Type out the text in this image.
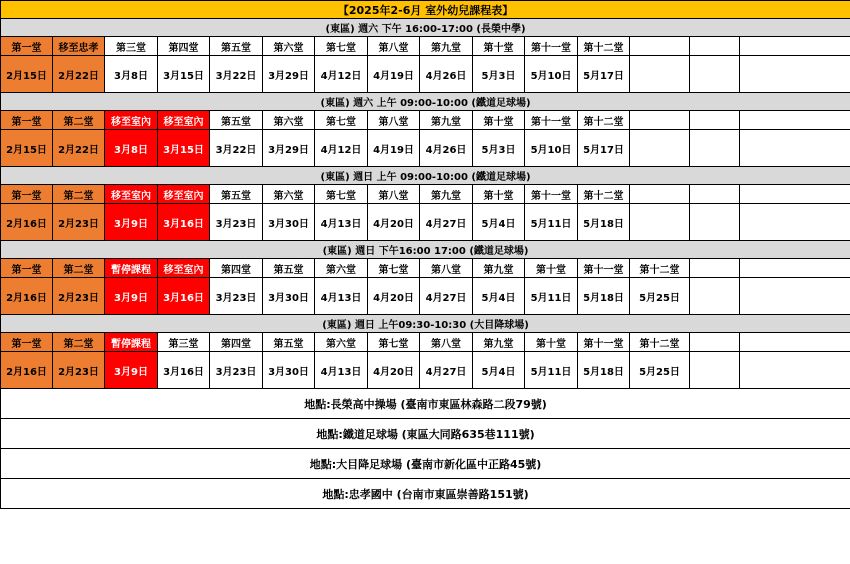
【2025年2-6月 室外幼兒課程表】														
(東區) 週六 下午 16:00-17:00 (長榮中學)														
第一堂	移至忠孝	第三堂	第四堂	第五堂	第六堂	第七堂	第八堂	第九堂	第十堂	第十一堂	第十二堂			
2月15日	2月22日	3月8日	3月15日	3月22日	3月29日	4月12日	4月19日	4月26日	5月3日	5月10日	5月17日			
(東區) 週六 上午 09:00-10:00 (鐵道足球場)														
第一堂	第二堂	移至室內	移至室內	第五堂	第六堂	第七堂	第八堂	第九堂	第十堂	第十一堂	第十二堂			
2月15日	2月22日	3月8日	3月15日	3月22日	3月29日	4月12日	4月19日	4月26日	5月3日	5月10日	5月17日			
(東區) 週日 上午 09:00-10:00 (鐵道足球場)														
第一堂	第二堂	移至室內	移至室內	第五堂	第六堂	第七堂	第八堂	第九堂	第十堂	第十一堂	第十二堂			
2月16日	2月23日	3月9日	3月16日	3月23日	3月30日	4月13日	4月20日	4月27日	5月4日	5月11日	5月18日			
(東區) 週日 下午16:00 17:00 (鐵道足球場)														
第一堂	第二堂	暫停課程	移至室內	第四堂	第五堂	第六堂	第七堂	第八堂	第九堂	第十堂	第十一堂	第十二堂		
2月16日	2月23日	3月9日	3月16日	3月23日	3月30日	4月13日	4月20日	4月27日	5月4日	5月11日	5月18日	5月25日		
(東區) 週日 上午09:30-10:30 (大目降球場)														
第一堂	第二堂	暫停課程	第三堂	第四堂	第五堂	第六堂	第七堂	第八堂	第九堂	第十堂	第十一堂	第十二堂		
2月16日	2月23日	3月9日	3月16日	3月23日	3月30日	4月13日	4月20日	4月27日	5月4日	5月11日	5月18日	5月25日		
地點:長榮高中操場 (臺南市東區林森路二段79號)														
地點:鐵道足球場 (東區大同路635巷111號)														
地點:大目降足球場 (臺南市新化區中正路45號)														
地點:忠孝國中 (台南市東區崇善路151號)														
